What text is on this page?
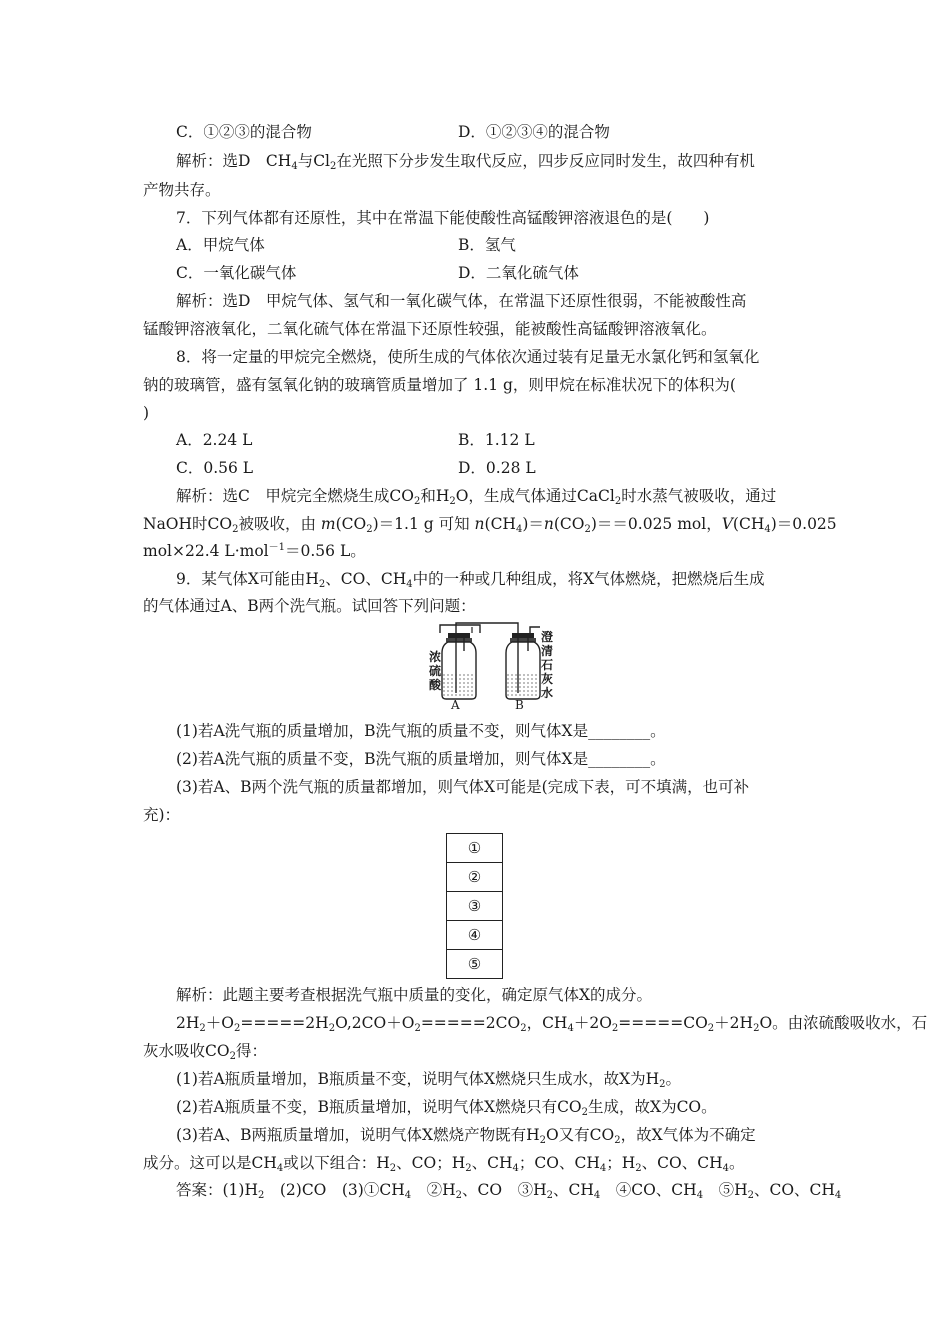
C．①②③的混合物	D．①②③④的混合物
解析：选D　$CH_4$与$Cl_2$在光照下分步发生取代反应，四步反应同时发生，故四种有机
产物共存。
7．下列气体都有还原性，其中在常温下能使酸性高锰酸钾溶液退色的是(　　)
A．甲烷气体	B．氢气
C．一氧化碳气体	D．二氧化硫气体
解析：选D　甲烷气体、氢气和一氧化碳气体，在常温下还原性很弱，不能被酸性高
锰酸钾溶液氧化，二氧化硫气体在常温下还原性较强，能被酸性高锰酸钾溶液氧化。
8．将一定量的甲烷完全燃烧，使所生成的气体依次通过装有足量无水氯化钙和氢氧化
钠的玻璃管，盛有氢氧化钠的玻璃管质量增加了 1.1 g，则甲烷在标准状况下的体积为(
)
A．2.24 L	B．1.12 L
C．0.56 L	D．0.28 L
解析：选C　甲烷完全燃烧生成$CO_2$和$H_2O$，生成气体通过CaCl$_2$时水蒸气被吸收，通过
NaOH时$CO_2$被吸收，由 $m(CO_2)=1.1$ g 可知 $n(CH_4)=n(CO_2)==0.025$ mol，$V(CH_4)=0.025$
mol×22.4 L·mol$^{-1}$＝0.56 L。
9．某气体X可能由$H_2$、CO、$CH_4$中的一种或几种组成，将X气体燃烧，把燃烧后生成
的气体通过A、B两个洗气瓶。试回答下列问题：
浓
硫
酸
澄
清
石
灰
水
A	B
(1)若A洗气瓶的质量增加，B洗气瓶的质量不变，则气体X是________。
(2)若A洗气瓶的质量不变，B洗气瓶的质量增加，则气体X是________。
(3)若A、B两个洗气瓶的质量都增加，则气体X可能是(完成下表，可不填满，也可补
充)：
①
②
③
④
⑤
解析：此题主要考查根据洗气瓶中质量的变化，确定原气体X的成分。
$2H_2+O_2=====2H_2O,2CO+O_2=====2CO_2$，$CH_4+2O_2=====CO_2+2H_2O$。由浓硫酸吸收水，石
灰水吸收$CO_2$得：
(1)若A瓶质量增加，B瓶质量不变，说明气体X燃烧只生成水，故X为$H_2$。
(2)若A瓶质量不变，B瓶质量增加，说明气体X燃烧只有$CO_2$生成，故X为CO。
(3)若A、B两瓶质量增加，说明气体X燃烧产物既有$H_2O$又有$CO_2$，故X气体为不确定
成分。这可以是$CH_4$或以下组合：$H_2$、CO；$H_2$、$CH_4$；CO、$CH_4$；$H_2$、CO、$CH_4$。
答案：$(1)H_2$　(2)CO　$(3)①CH_4$　$②H_2$、CO　$③H_2$、$CH_4$　④CO、$CH_4$　$⑤H_2$、CO、$CH_4$
